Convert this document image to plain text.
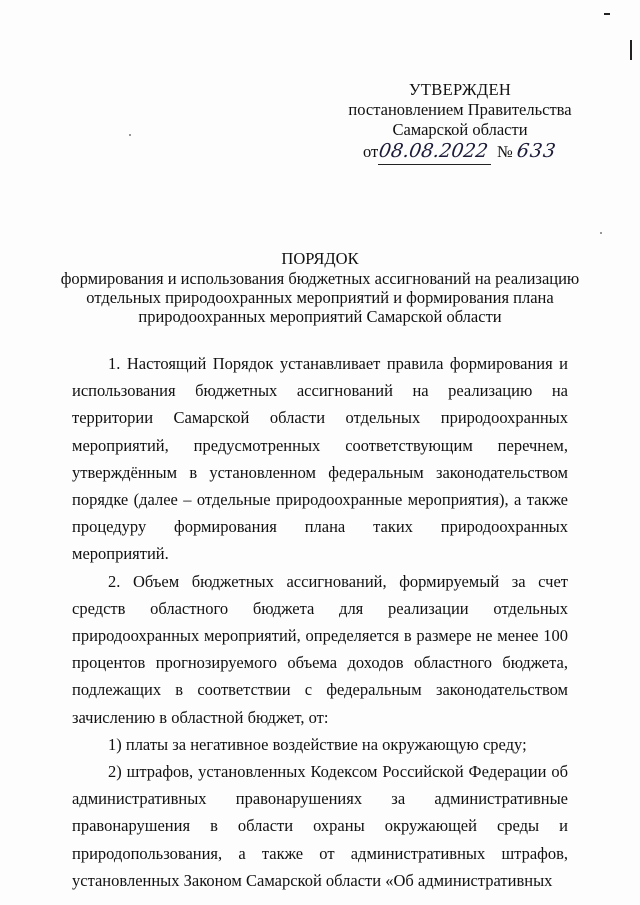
УТВЕРЖДЕН
постановлением Правительства
Самарской области
от08.08.2022 № 633
ПОРЯДОК
формирования и использования бюджетных ассигнований на реализацию
отдельных природоохранных мероприятий и формирования плана
природоохранных мероприятий Самарской области

1. Настоящий Порядок устанавливает правила формирования и использования бюджетных ассигнований на реализацию на территории Самарской области отдельных природоохранных мероприятий, предусмотренных соответствующим перечнем, утверждённым в установленном федеральным законодательством порядке (далее – отдельные природоохранные мероприятия), а также процедуру формирования плана таких природоохранных мероприятий.

2. Объем бюджетных ассигнований, формируемый за счет средств областного бюджета для реализации отдельных природоохранных мероприятий, определяется в размере не менее 100 процентов прогнозируемого объема доходов областного бюджета, подлежащих в соответствии с федеральным законодательством зачислению в областной бюджет, от:

1) платы за негативное воздействие на окружающую среду;

2) штрафов, установленных Кодексом Российской Федерации об административных правонарушениях за административные правонарушения в области охраны окружающей среды и природопользования, а также от административных штрафов, установленных Законом Самарской области «Об административных
